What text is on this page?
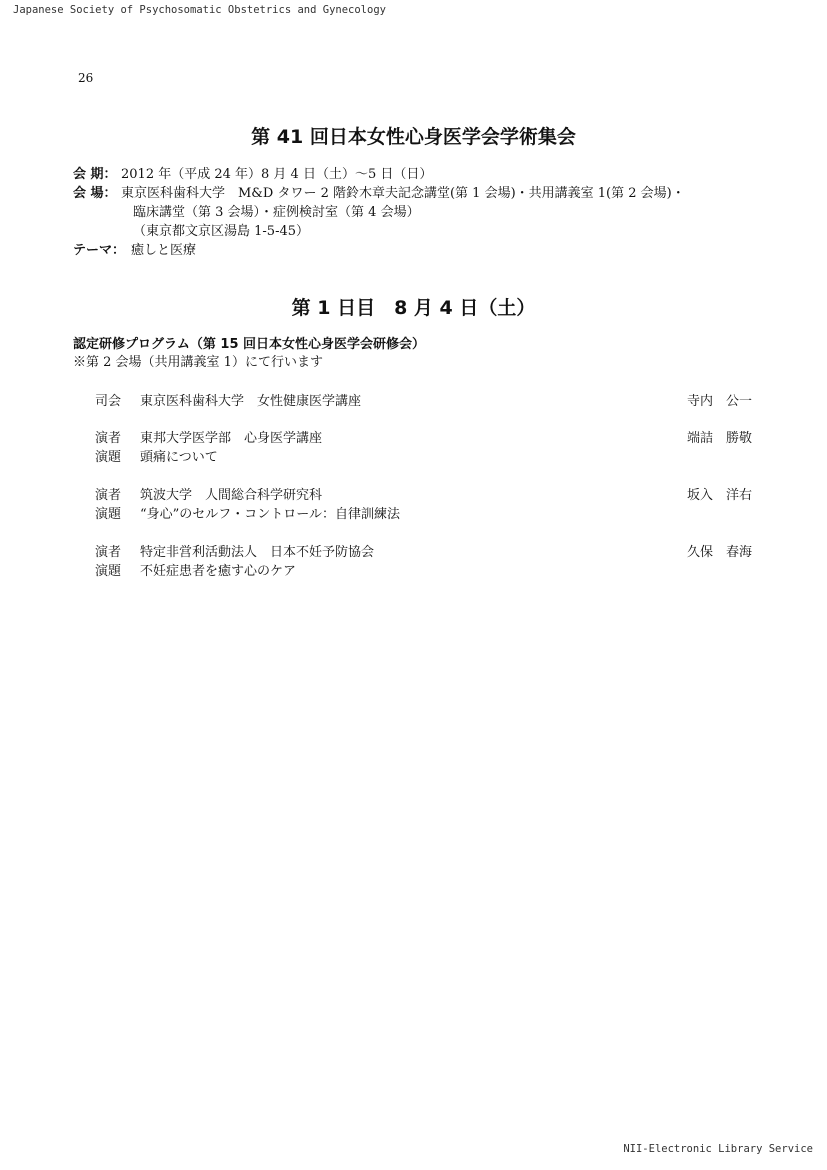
Japanese Society of Psychosomatic Obstetrics and Gynecology
26
第 41 回日本女性心身医学会学術集会
会 期： 2012 年（平成 24 年）8 月 4 日（土）～5 日（日）
会 場： 東京医科歯科大学　M&D タワー 2 階鈴木章夫記念講堂(第 1 会場)・共用講義室 1(第 2 会場)・
臨床講堂（第 3 会場）・症例検討室（第 4 会場）
（東京都文京区湯島 1-5-45）
テーマ： 癒しと医療
第 1 日目　8 月 4 日（土）
認定研修プログラム（第 15 回日本女性心身医学会研修会）
※第 2 会場（共用講義室 1）にて行います
司会 東京医科歯科大学　女性健康医学講座	寺内　公一
演者 東邦大学医学部　心身医学講座	端詰　勝敬
演題 頭痛について
演者 筑波大学　人間総合科学研究科	坂入　洋右
演題 “身心”のセルフ・コントロール：自律訓練法
演者 特定非営利活動法人　日本不妊予防協会	久保　春海
演題 不妊症患者を癒す心のケア
NII-Electronic Library Service
